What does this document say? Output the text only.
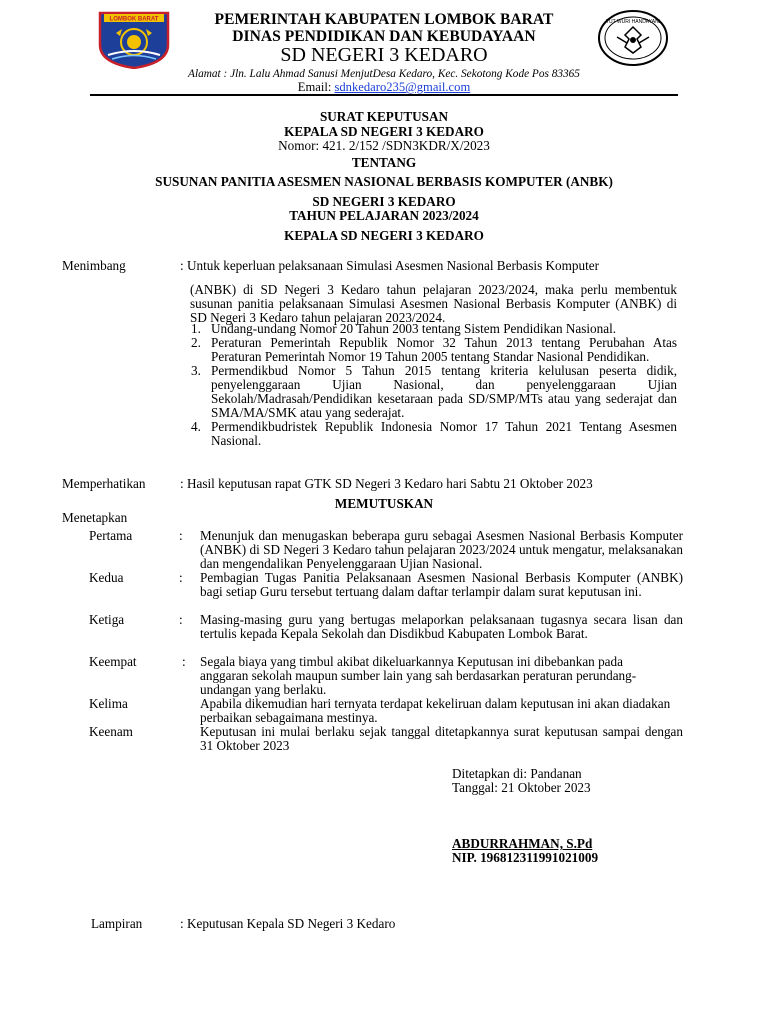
LOMBOK BARAT	PEMERINTAH KABUPATEN LOMBOK BARAT
DINAS PENDIDIKAN DAN KEBUDAYAAN
SD NEGERI 3 KEDARO
Alamat : Jln. Lalu Ahmad Sanusi MenjutDesa Kedaro, Kec. Sekotong Kode Pos 83365
Email: sdnkedaro235@gmail.com
TUT WURI HANDAYANI
SURAT KEPUTUSAN
KEPALA SD NEGERI 3 KEDARO
Nomor: 421. 2/152 /SDN3KDR/X/2023
TENTANG
SUSUNAN PANITIA ASESMEN NASIONAL BERBASIS KOMPUTER (ANBK)
SD NEGERI 3 KEDARO
TAHUN PELAJARAN 2023/2024
KEPALA SD NEGERI 3 KEDARO
Menimbang	: Untuk keperluan pelaksanaan Simulasi Asesmen Nasional Berbasis Komputer
(ANBK) di SD Negeri 3 Kedaro tahun pelajaran 2023/2024, maka perlu membentuk susunan panitia pelaksanaan Simulasi Asesmen Nasional Berbasis Komputer (ANBK) di SD Negeri 3 Kedaro tahun pelajaran 2023/2024.
1. Undang-undang Nomor 20 Tahun 2003 tentang Sistem Pendidikan Nasional.
2. Peraturan Pemerintah Republik Nomor 32 Tahun 2013 tentang Perubahan Atas Peraturan Pemerintah Nomor 19 Tahun 2005 tentang Standar Nasional Pendidikan.
3. Permendikbud Nomor 5 Tahun 2015 tentang kriteria kelulusan peserta didik, penyelenggaraan Ujian Nasional, dan penyelenggaraan Ujian Sekolah/Madrasah/Pendidikan kesetaraan pada SD/SMP/MTs atau yang sederajat dan SMA/MA/SMK atau yang sederajat.
4. Permendikbudristek Republik Indonesia Nomor 17 Tahun 2021 Tentang Asesmen Nasional.
Memperhatikan	: Hasil keputusan rapat GTK SD Negeri 3 Kedaro hari Sabtu 21 Oktober 2023
MEMUTUSKAN
Menetapkan
Pertama	: Menunjuk dan menugaskan beberapa guru sebagai Asesmen Nasional Berbasis Komputer (ANBK) di SD Negeri 3 Kedaro tahun pelajaran 2023/2024 untuk mengatur, melaksanakan dan mengendalikan Penyelenggaraan Ujian Nasional.
Kedua	: Pembagian Tugas Panitia Pelaksanaan Asesmen Nasional Berbasis Komputer (ANBK) bagi setiap Guru tersebut tertuang dalam daftar terlampir dalam surat keputusan ini.
Ketiga	: Masing-masing guru yang bertugas melaporkan pelaksanaan tugasnya secara lisan dan tertulis kepada Kepala Sekolah dan Disdikbud Kabupaten Lombok Barat.
Keempat	: Segala biaya yang timbul akibat dikeluarkannya Keputusan ini dibebankan pada anggaran sekolah maupun sumber lain yang sah berdasarkan peraturan perundang-undangan yang berlaku.
Kelima	Apabila dikemudian hari ternyata terdapat kekeliruan dalam keputusan ini akan diadakan perbaikan sebagaimana mestinya.
Keenam	Keputusan ini mulai berlaku sejak tanggal ditetapkannya surat keputusan sampai dengan 31 Oktober 2023
Ditetapkan di: Pandanan
Tanggal: 21 Oktober 2023
ABDURRAHMAN, S.Pd
NIP. 196812311991021009
Lampiran	: Keputusan Kepala SD Negeri 3 Kedaro
